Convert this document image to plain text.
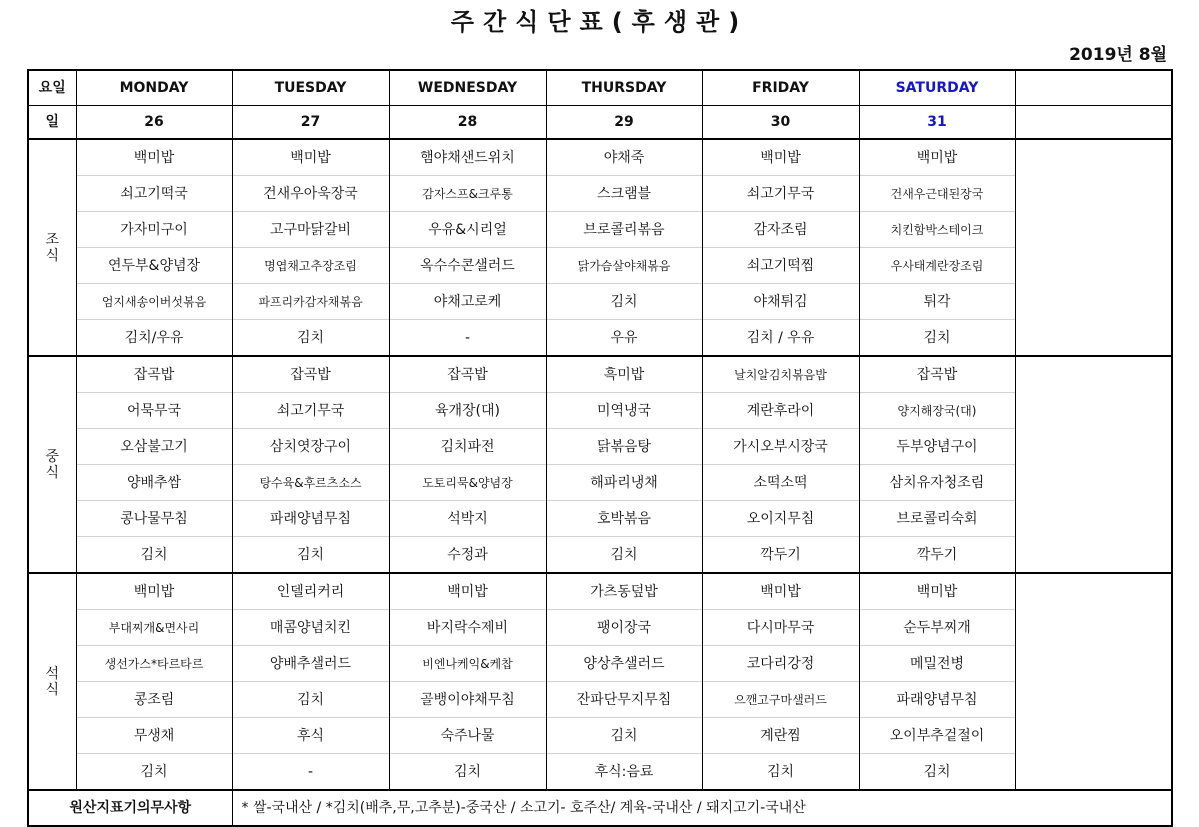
주간식단표(후생관)
2019년 8월
요일	MONDAY	TUESDAY	WEDNESDAY	THURSDAY	FRIDAY	SATURDAY	
일	26	27	28	29	30	31	

조
식	백미밥	백미밥	햄야채샌드위치	야채죽	백미밥	백미밥	
	쇠고기떡국	건새우아욱장국	감자스프&크루통	스크램블	쇠고기무국	건새우근대된장국	
	가자미구이	고구마닭갈비	우유&시리얼	브로콜리볶음	감자조림	치킨함박스테이크	
	연두부&양념장	명엽채고추장조림	옥수수콘샐러드	닭가슴살야채볶음	쇠고기떡찜	우사태계란장조림	
	엄지새송이버섯볶음	파프리카감자채볶음	야채고로케	김치	야채튀김	튀각	
	김치/우유	김치	-	우유	김치 / 우유	김치	

중
식	잡곡밥	잡곡밥	잡곡밥	흑미밥	날치알김치볶음밥	잡곡밥	
	어묵무국	쇠고기무국	육개장(대)	미역냉국	계란후라이	양지해장국(대)	
	오삼불고기	삼치엿장구이	김치파전	닭볶음탕	가시오부시장국	두부양념구이	
	양배추쌈	탕수육&후르츠소스	도토리묵&양념장	해파리냉채	소떡소떡	삼치유자청조림	
	콩나물무침	파래양념무침	석박지	호박볶음	오이지무침	브로콜리숙회	
	김치	김치	수정과	김치	깍두기	깍두기	

석
식	백미밥	인델리커리	백미밥	가츠동덮밥	백미밥	백미밥	
	부대찌개&면사리	매콤양념치킨	바지락수제비	팽이장국	다시마무국	순두부찌개	
	생선가스*타르타르	양배추샐러드	비엔나케익&케찹	양상추샐러드	코다리강정	메밀전병	
	콩조림	김치	골뱅이야채무침	잔파단무지무침	으깬고구마샐러드	파래양념무침	
	무생채	후식	숙주나물	김치	계란찜	오이부추겉절이	
	김치	-	김치	후식:음료	김치	김치	
원산지표기의무사항		* 쌀-국내산 / *김치(배추,무,고추분)-중국산 / 소고기- 호주산/ 계육-국내산 / 돼지고기-국내산					
